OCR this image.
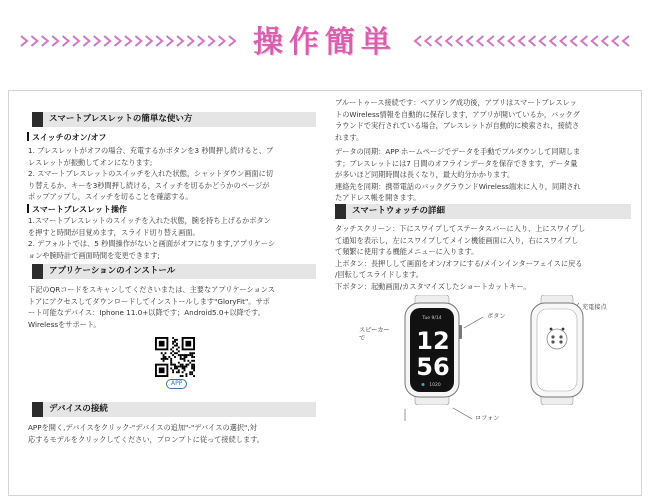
操作簡単
スマートブレスレットの簡単な使い方
スイッチのオン/オフ
1. ブレスレットがオフの場合、充電するかボタンを3 秒間押し続けると、ブ
レスレットが振動してオンになります;
2. スマートブレスレットのスイッチを入れた状態，シャットダウン画面に切
り替えるか、キーを3秒間押し続ける，スイッチを切るかどうかのページが
ポップアップし，スイッチを切ることを確認する。
スマートブレスレット操作
1.スマートブレスレットのスイッチを入れた状態，腕を持ち上げるかボタン
を押すと時間が目覚めます，スライド切り替え画面。
2. デフォルトでは、5 秒間操作がないと画面がオフになります,アプリケーシ
ョンや腕時計で画面時間を変更できます;
アプリケーションのインストール
下記のQRコードをスキャンしてくださいまたは、主要なアプリケーションス
トアにアクセスしてダウンロードしてインストールします"GloryFit"。サポ
ート可能なデバイス：Iphone 11.0+以降です；Android5.0+以降です。
Wirelessをサポート。
APP
デバイスの接続
APPを開く,デバイスをクリック-"デバイスの追加"-"デバイスの選択",対
応するモデルをクリックしてください，プロンプトに従って接続します。
ブルートゥース接続です：ペアリング成功後，アプリはスマートブレスレッ
トのWireless情報を自動的に保存します，アプリが開いているか，バックグ
ラウンドで実行されている場合，ブレスレットが自動的に検索され，接続さ
れます。
データの同期：APP ホームページでデータを手動でプルダウンして同期しま
す；ブレスレットには7 日間のオフラインデータを保存できます，データ量
が多いほど同期時間は長くなり，最大約分かかります。
連絡先を同期：携帯電話のバックグラウンドWireless端末に入り，同期され
たアドレス帳を開きます。
スマートウォッチの詳細
タッチスクリーン：下にスワイプしてステータスバーに入り、上にスワイプし
て通知を表示し，左にスワイプしてメイン機能画面に入り，右にスワイプし
て頻繁に使用する機能メニューに入ります。
上ボタン：長押しして画面をオン/オフにする/メインインターフェイスに戻る
/回転してスライドします。
下ボタン：起動画面/カスタマイズしたショートカットキー。
Tue 9/14
12
56
1020
ボタン
スピーカー
で
ロフォン
充電接点
